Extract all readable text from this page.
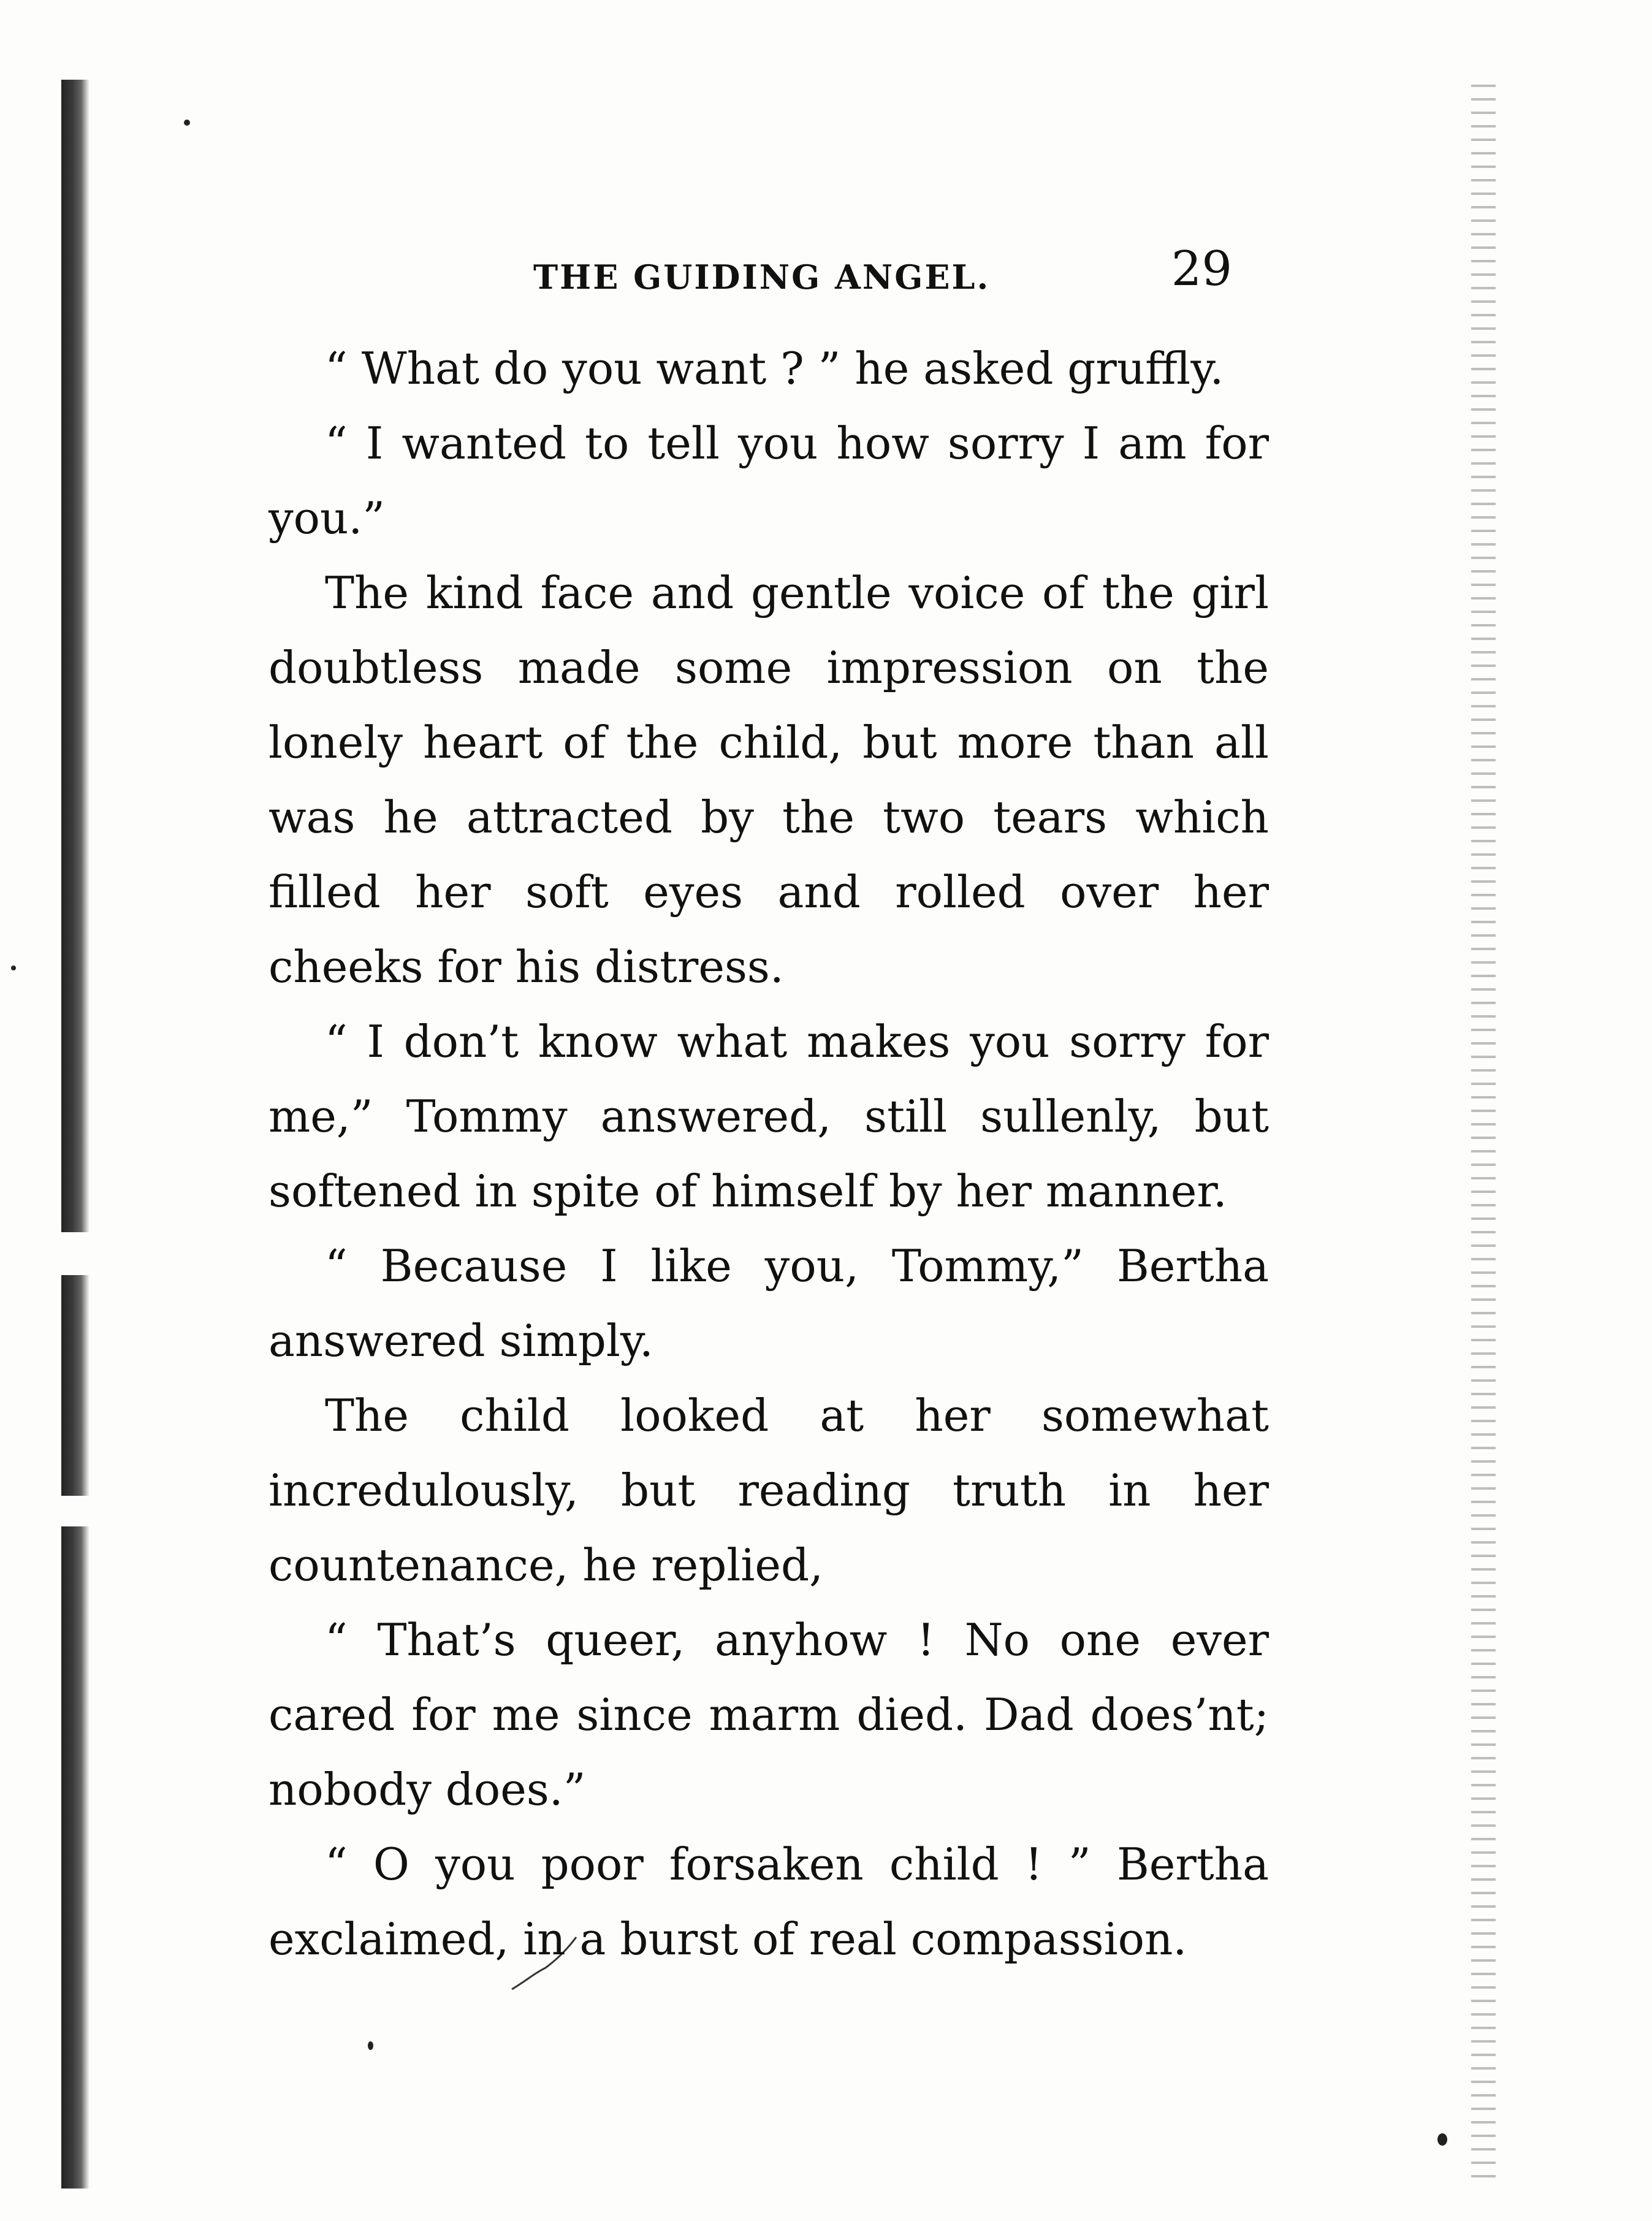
THE GUIDING ANGEL.	29

“ What do you want ? ” he asked gruffly.

“ I wanted to tell you how sorry I am for you.”

The kind face and gentle voice of the girl doubtless made some impression on the lonely heart of the child, but more than all was he attracted by the two tears which filled her soft eyes and rolled over her cheeks for his distress.

“ I don’t know what makes you sorry for me,” Tommy answered, still sullenly, but softened in spite of himself by her manner.

“ Because I like you, Tommy,” Bertha answered simply.

The child looked at her somewhat incredulously, but reading truth in her countenance, he replied,

“ That’s queer, anyhow ! No one ever cared for me since marm died. Dad does’nt; nobody does.”

“ O you poor forsaken child ! ” Bertha exclaimed, in a burst of real compassion.
